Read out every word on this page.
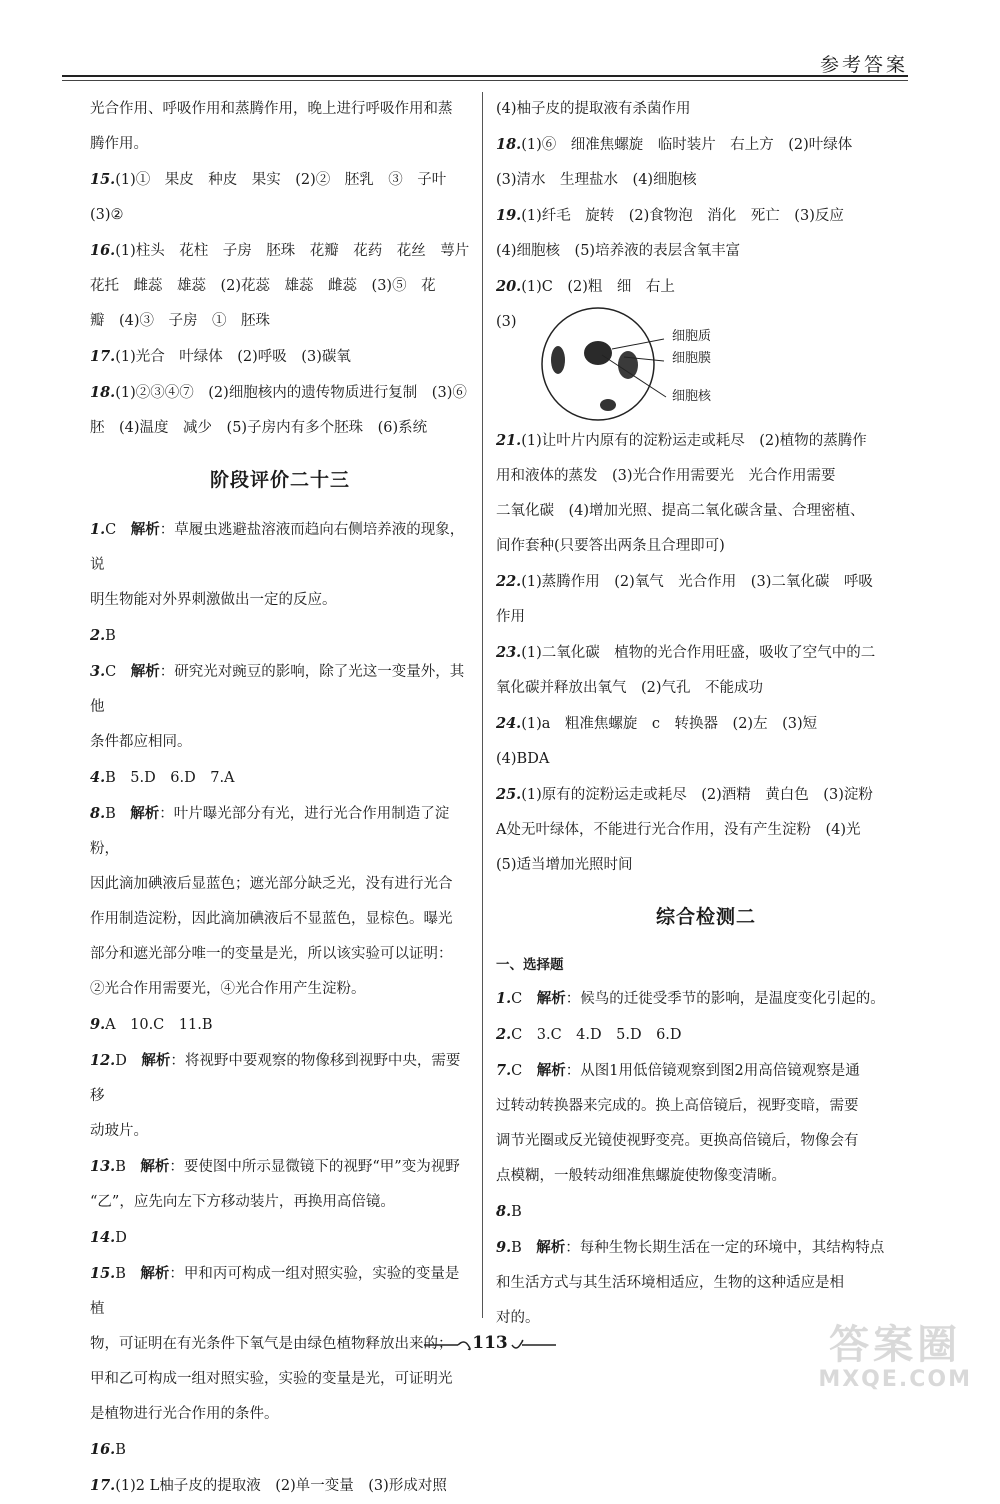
参考答案
光合作用、呼吸作用和蒸腾作用，晚上进行呼吸作用和蒸
腾作用。
15.(1)①　果皮　种皮　果实　(2)②　胚乳　③　子叶
(3)②
16.(1)柱头　花柱　子房　胚珠　花瓣　花药　花丝　萼片
花托　雌蕊　雄蕊　(2)花蕊　雄蕊　雌蕊　(3)⑤　花
瓣　(4)③　子房　①　胚珠
17.(1)光合　叶绿体　(2)呼吸　(3)碳氧
18.(1)②③④⑦　(2)细胞核内的遗传物质进行复制　(3)⑥
胚　(4)温度　减少　(5)子房内有多个胚珠　(6)系统
阶段评价二十三
1.C　 解析：草履虫逃避盐溶液而趋向右侧培养液的现象，说
明生物能对外界刺激做出一定的反应。
2.B
3.C　 解析：研究光对豌豆的影响，除了光这一变量外，其他
条件都应相同。
4.B　5.D　6.D　7.A
8.B　 解析：叶片曝光部分有光，进行光合作用制造了淀粉，
因此滴加碘液后显蓝色；遮光部分缺乏光，没有进行光合
作用制造淀粉，因此滴加碘液后不显蓝色，显棕色。曝光
部分和遮光部分唯一的变量是光，所以该实验可以证明：
②光合作用需要光，④光合作用产生淀粉。
9.A　10.C　11.B
12.D　 解析：将视野中要观察的物像移到视野中央，需要移
动玻片。
13.B　 解析：要使图中所示显微镜下的视野“甲”变为视野
“乙”，应先向左下方移动装片，再换用高倍镜。
14.D
15.B　 解析：甲和丙可构成一组对照实验，实验的变量是植
物，可证明在有光条件下氧气是由绿色植物释放出来的；
甲和乙可构成一组对照实验，实验的变量是光，可证明光
是植物进行光合作用的条件。
16.B
17.(1)2 L柚子皮的提取液　(2)单一变量　(3)形成对照
(4)柚子皮的提取液有杀菌作用
18.(1)⑥　细准焦螺旋　临时装片　右上方　(2)叶绿体
(3)清水　生理盐水　(4)细胞核
19.(1)纤毛　旋转　(2)食物泡　消化　死亡　(3)反应
(4)细胞核　(5)培养液的表层含氧丰富
20.(1)C　(2)粗　细　右上
(3)
细胞质
细胞膜
细胞核
21.(1)让叶片内原有的淀粉运走或耗尽　(2)植物的蒸腾作
用和液体的蒸发　(3)光合作用需要光　光合作用需要
二氧化碳　(4)增加光照、提高二氧化碳含量、合理密植、
间作套种(只要答出两条且合理即可)
22.(1)蒸腾作用　(2)氧气　光合作用　(3)二氧化碳　呼吸
作用
23.(1)二氧化碳　植物的光合作用旺盛，吸收了空气中的二
氧化碳并释放出氧气　(2)气孔　不能成功
24.(1)a　粗准焦螺旋　c　转换器　(2)左　(3)短
(4)BDA
25.(1)原有的淀粉运走或耗尽　(2)酒精　黄白色　(3)淀粉
A处无叶绿体，不能进行光合作用，没有产生淀粉　(4)光
(5)适当增加光照时间
综合检测二
一、选择题
1.C　 解析：候鸟的迁徙受季节的影响，是温度变化引起的。
2.C　3.C　4.D　5.D　6.D
7.C　 解析：从图1用低倍镜观察到图2用高倍镜观察是通
过转动转换器来完成的。换上高倍镜后，视野变暗，需要
调节光圈或反光镜使视野变亮。更换高倍镜后，物像会有
点模糊，一般转动细准焦螺旋使物像变清晰。
8.B
9.B　 解析：每种生物长期生活在一定的环境中，其结构特点
和生活方式与其生活环境相适应，生物的这种适应是相
对的。
113	答案圈
MXQE.COM
